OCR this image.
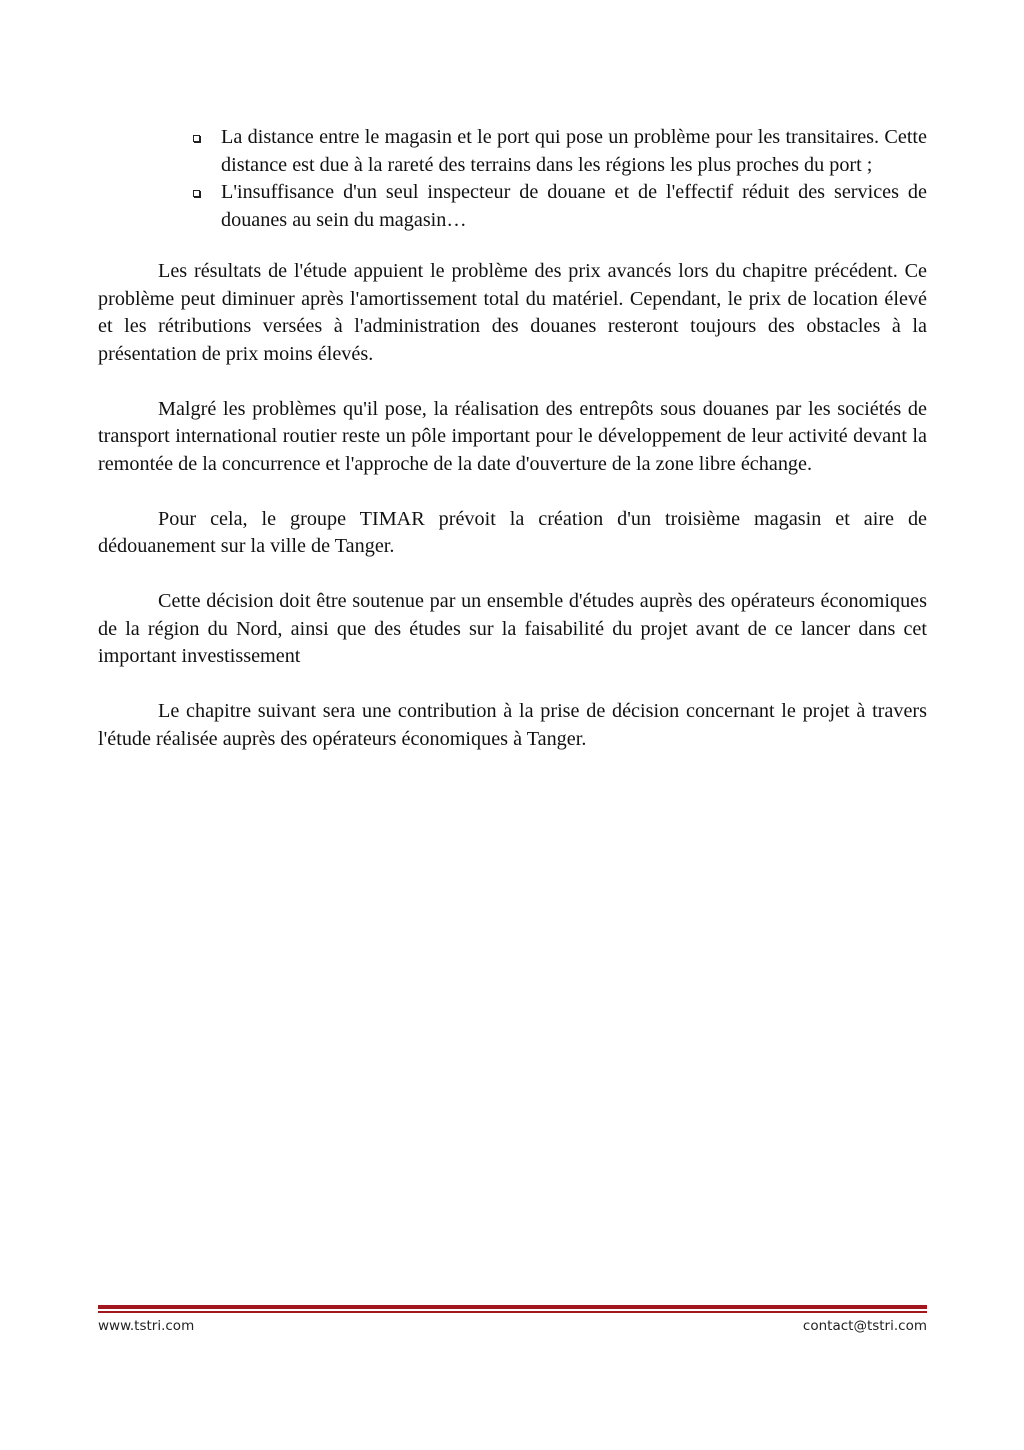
La distance entre le magasin et le port qui pose un problème pour les transitaires. Cette distance est due à la rareté des terrains dans les régions les plus proches du port ;
L'insuffisance d'un seul inspecteur de douane et de l'effectif réduit des services de douanes au sein du magasin…

Les résultats de l'étude appuient le problème des prix avancés lors du chapitre précédent. Ce problème peut diminuer après l'amortissement total du matériel. Cependant, le prix de location élevé et les rétributions versées à l'administration des douanes resteront toujours des obstacles à la présentation de prix moins élevés.

Malgré les problèmes qu'il pose, la réalisation des entrepôts sous douanes par les sociétés de transport international routier reste un pôle important pour le développement de leur activité devant la remontée de la concurrence et l'approche de la date d'ouverture de la zone libre échange.

Pour cela, le groupe TIMAR prévoit la création d'un troisième magasin et aire de dédouanement sur la ville de Tanger.

Cette décision doit être soutenue par un ensemble d'études auprès des opérateurs économiques de la région du Nord, ainsi que des études sur la faisabilité du projet avant de ce lancer dans cet important investissement

Le chapitre suivant sera une contribution à la prise de décision concernant le projet à travers l'étude réalisée auprès des opérateurs économiques à Tanger.

www.tstri.com	contact@tstri.com
